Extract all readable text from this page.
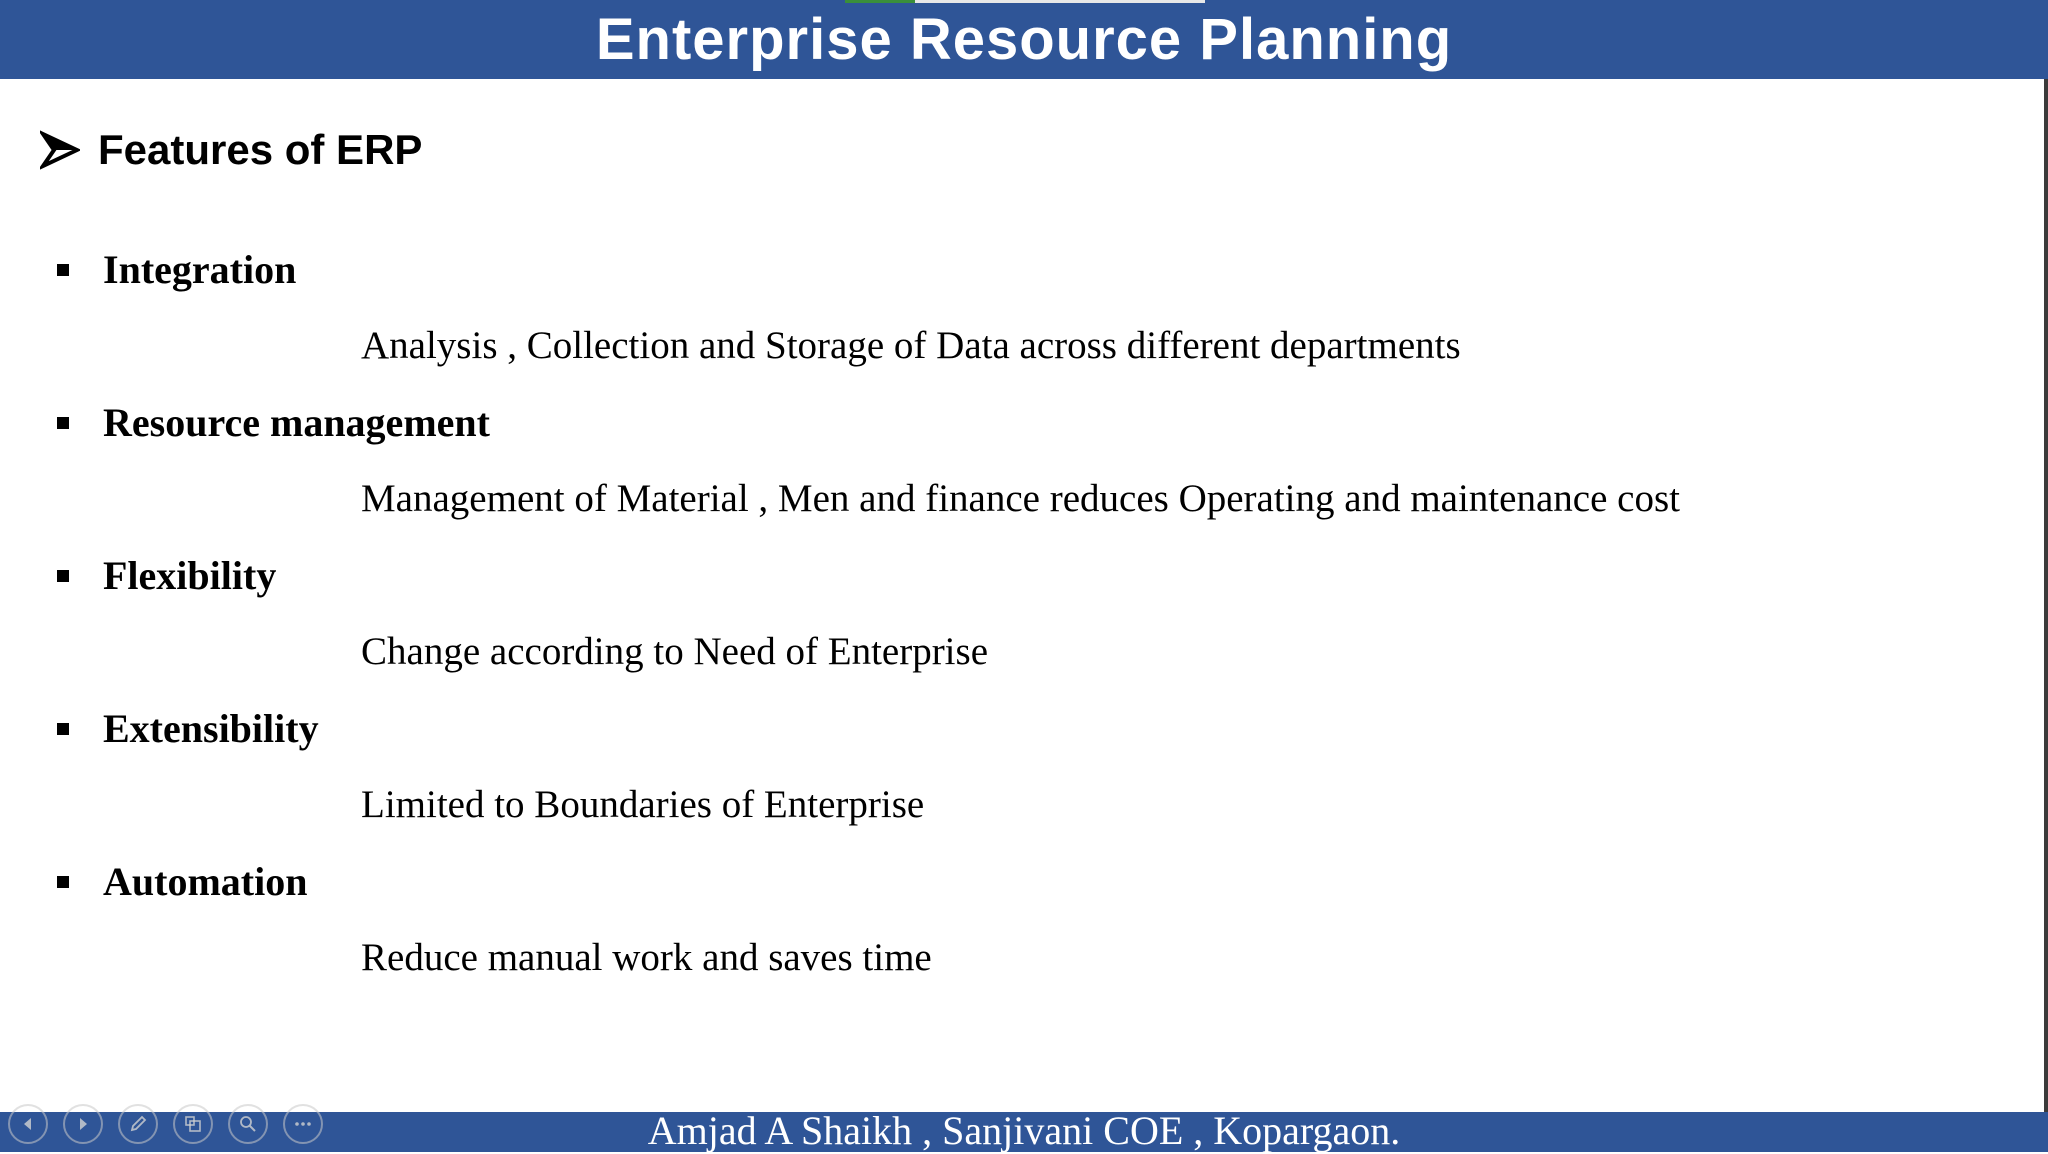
Enterprise Resource Planning
Features of ERP
Integration
Analysis , Collection and Storage of Data across different departments
Resource management
Management of Material , Men and finance reduces Operating and maintenance cost
Flexibility
Change according to Need of Enterprise
Extensibility
Limited to Boundaries of Enterprise
Automation
Reduce manual work and saves time
Amjad A Shaikh , Sanjivani COE , Kopargaon.
